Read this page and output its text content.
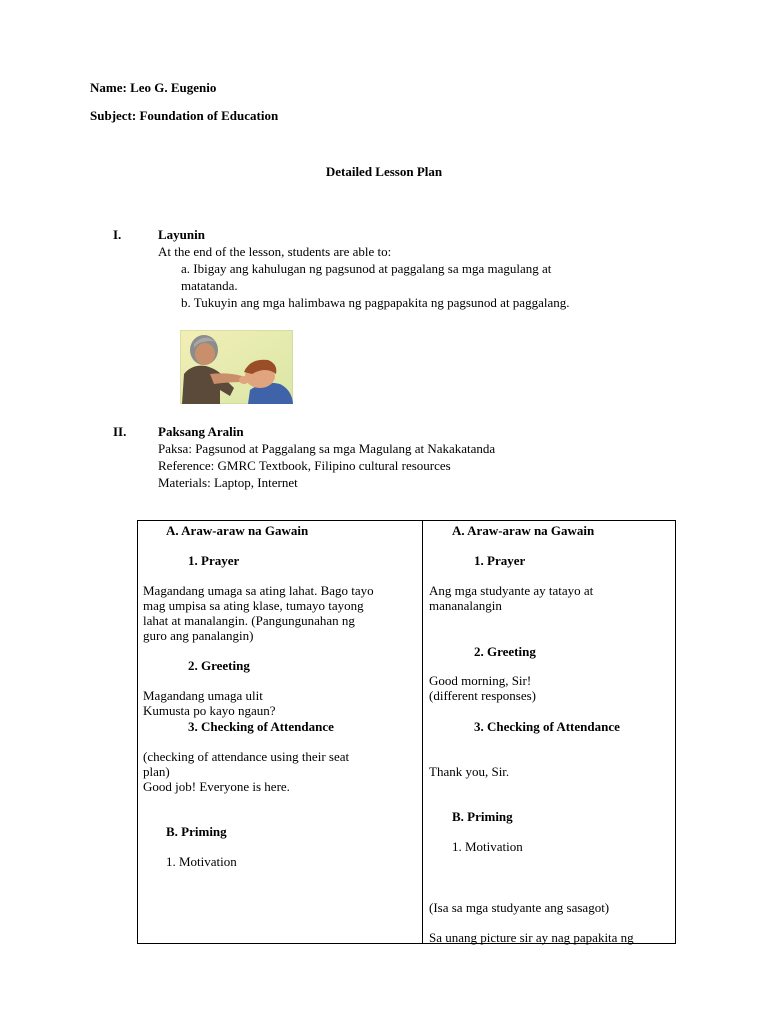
Name: Leo G. Eugenio
Subject: Foundation of Education
Detailed Lesson Plan
I.	Layunin
At the end of the lesson, students are able to:
a. Ibigay ang kahulugan ng pagsunod at paggalang sa mga magulang at
matatanda.
b. Tukuyin ang mga halimbawa ng pagpapakita ng pagsunod at paggalang.
II. Paksang Aralin
Paksa: Pagsunod at Paggalang sa mga Magulang at Nakakatanda
Reference: GMRC Textbook, Filipino cultural resources
Materials: Laptop, Internet
A. Araw-araw na Gawain
1. Prayer
Magandang umaga sa ating lahat. Bago tayo
mag umpisa sa ating klase, tumayo tayong
lahat at manalangin. (Pangungunahan ng
guro ang panalangin)
2. Greeting
Magandang umaga ulit
Kumusta po kayo ngaun?
3. Checking of Attendance
(checking of attendance using their seat
plan)
Good job! Everyone is here.
B. Priming
1. Motivation
A. Araw-araw na Gawain
1. Prayer
Ang mga studyante ay tatayo at
mananalangin
2. Greeting
Good morning, Sir!
(different responses)
3. Checking of Attendance
Thank you, Sir.
B. Priming
1. Motivation
(Isa sa mga studyante ang sasagot)
Sa unang picture sir ay nag papakita ng
